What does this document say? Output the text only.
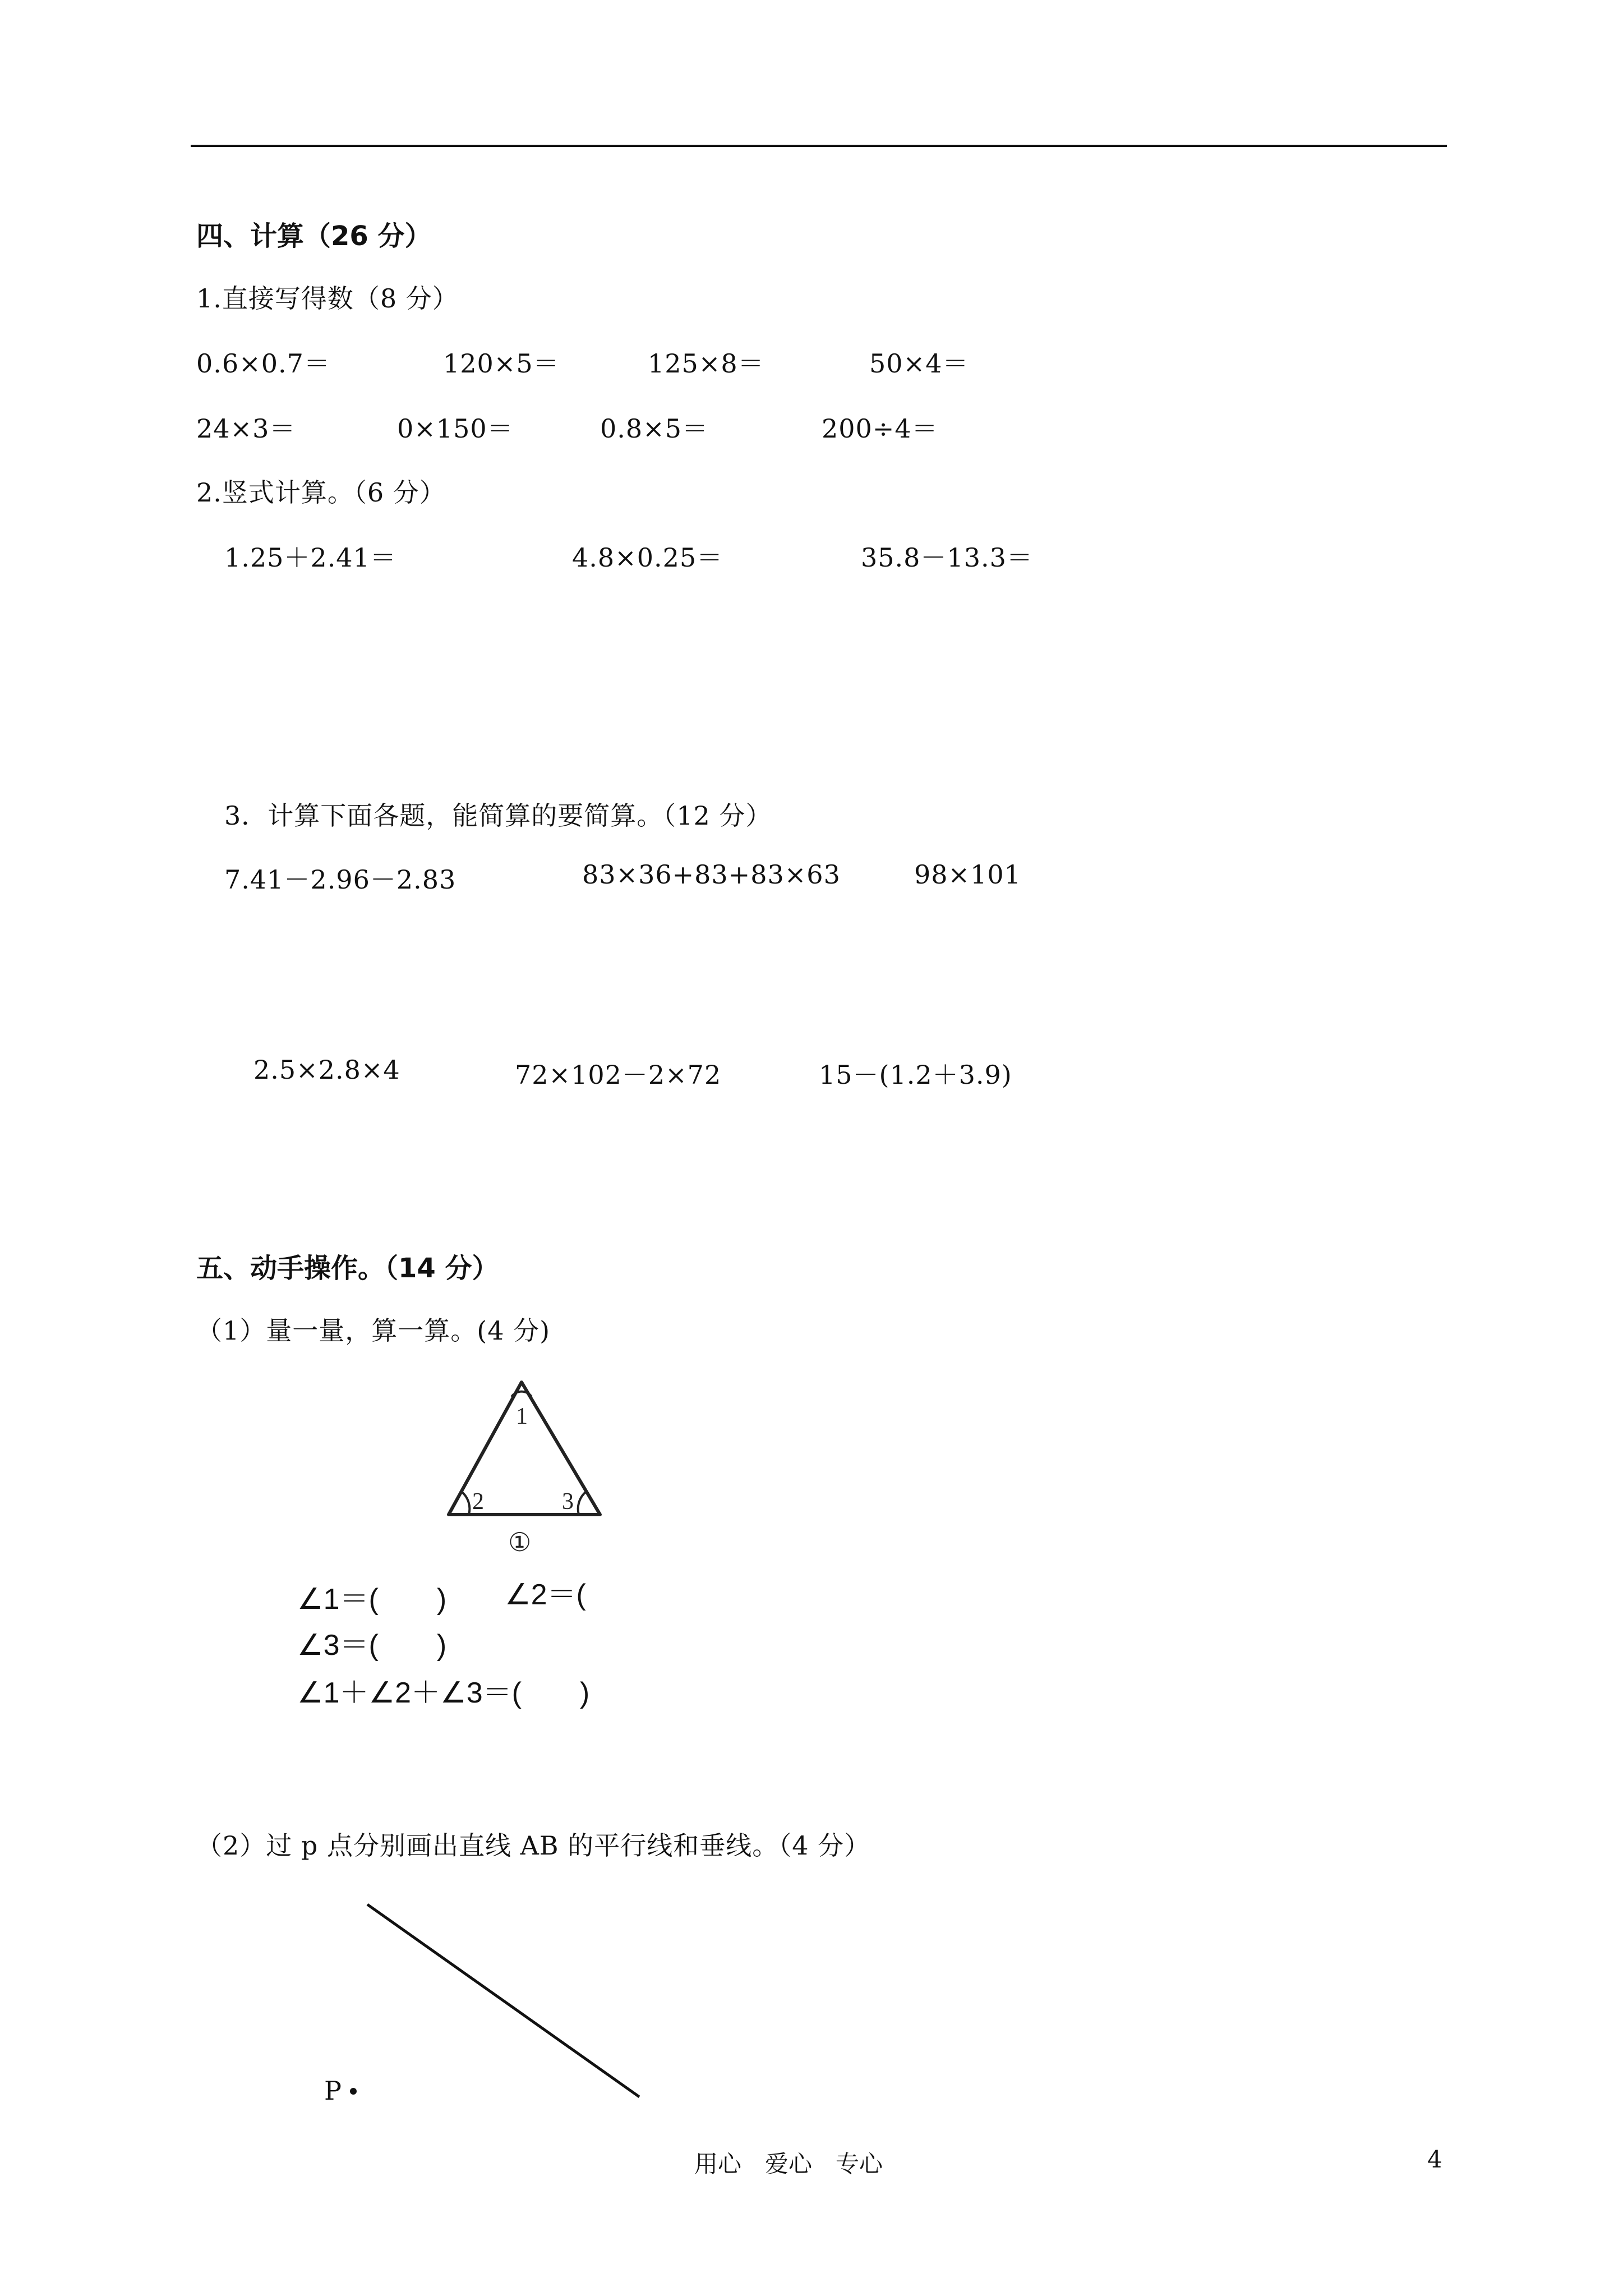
四、计算（26 分）
1.直接写得数（8 分）
0.6×0.7＝	120×5＝	125×8＝	50×4＝
24×3＝	0×150＝	0.8×5＝	200÷4＝
2.竖式计算。（6 分）
1.25＋2.41＝	4.8×0.25＝	35.8－13.3＝
3．计算下面各题，能简算的要简算。（12 分）
7.41－2.96－2.83	83×36+83+83×63	98×101
2.5×2.8×4	72×102－2×72	15－(1.2＋3.9)
五、动手操作。（14 分）
（1）量一量，算一算。(4 分)
1
2	3
①
∠1＝(　　) ∠2＝(
∠3＝(　　)
∠1＋∠2＋∠3＝(　　)
（2）过 p 点分别画出直线 AB 的平行线和垂线。（4 分）
P
用心　爱心　专心	4
